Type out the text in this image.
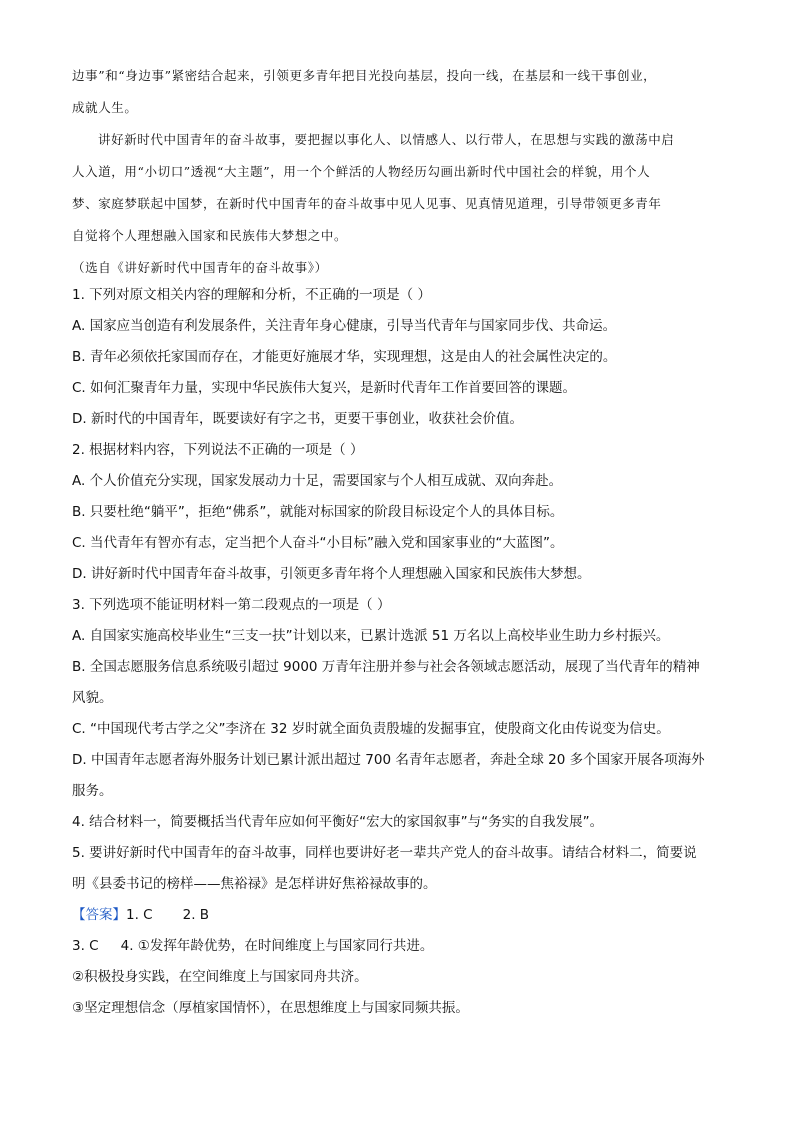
边事”和“身边事”紧密结合起来，引领更多青年把目光投向基层，投向一线，在基层和一线干事创业，

成就人生。

讲好新时代中国青年的奋斗故事，要把握以事化人、以情感人、以行带人，在思想与实践的激荡中启

人入道，用“小切口”透视“大主题”，用一个个鲜活的人物经历勾画出新时代中国社会的样貌，用个人

梦、家庭梦联起中国梦，在新时代中国青年的奋斗故事中见人见事、见真情见道理，引导带领更多青年

自觉将个人理想融入国家和民族伟大梦想之中。

（选自《讲好新时代中国青年的奋斗故事》）

1. 下列对原文相关内容的理解和分析，不正确的一项是（ ）

A. 国家应当创造有利发展条件，关注青年身心健康，引导当代青年与国家同步伐、共命运。

B. 青年必须依托家国而存在，才能更好施展才华，实现理想，这是由人的社会属性决定的。

C. 如何汇聚青年力量，实现中华民族伟大复兴，是新时代青年工作首要回答的课题。

D. 新时代的中国青年，既要读好有字之书，更要干事创业，收获社会价值。

2. 根据材料内容，下列说法不正确的一项是（ ）

A. 个人价值充分实现，国家发展动力十足，需要国家与个人相互成就、双向奔赴。

B. 只要杜绝“躺平”，拒绝“佛系”，就能对标国家的阶段目标设定个人的具体目标。

C. 当代青年有智亦有志，定当把个人奋斗“小目标”融入党和国家事业的“大蓝图”。

D. 讲好新时代中国青年奋斗故事，引领更多青年将个人理想融入国家和民族伟大梦想。

3. 下列选项不能证明材料一第二段观点的一项是（ ）

A. 自国家实施高校毕业生“三支一扶”计划以来，已累计选派 51 万名以上高校毕业生助力乡村振兴。

B. 全国志愿服务信息系统吸引超过 9000 万青年注册并参与社会各领域志愿活动，展现了当代青年的精神

风貌。

C. “中国现代考古学之父”李济在 32 岁时就全面负责殷墟的发掘事宜，使殷商文化由传说变为信史。

D. 中国青年志愿者海外服务计划已累计派出超过 700 名青年志愿者，奔赴全球 20 多个国家开展各项海外

服务。

4. 结合材料一，简要概括当代青年应如何平衡好“宏大的家国叙事”与“务实的自我发展”。

5. 要讲好新时代中国青年的奋斗故事，同样也要讲好老一辈共产党人的奋斗故事。请结合材料二，简要说

明《县委书记的榜样——焦裕禄》是怎样讲好焦裕禄故事的。

【答案】1. C 2. B

3. C 4. ①发挥年龄优势，在时间维度上与国家同行共进。

②积极投身实践，在空间维度上与国家同舟共济。

③坚定理想信念（厚植家国情怀），在思想维度上与国家同频共振。
